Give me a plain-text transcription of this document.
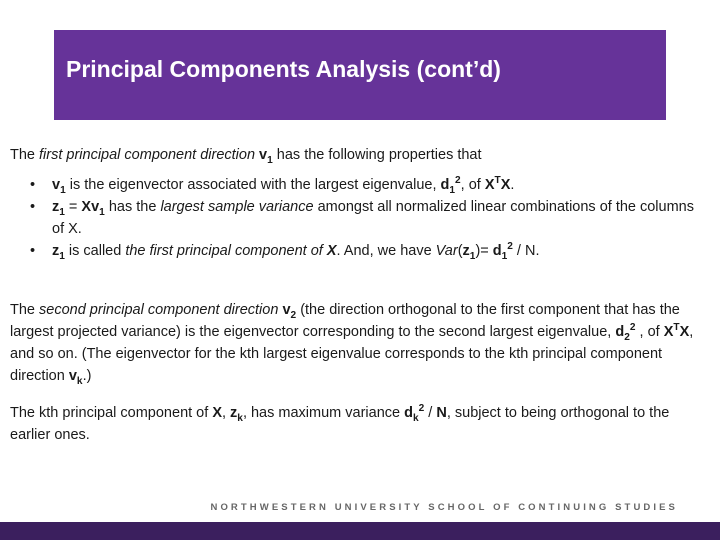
Principal Components Analysis (cont’d)

The first principal component direction $v_1$ has the following properties that

• $v_1$ is the eigenvector associated with the largest eigenvalue, $d_1^2$, of $X^TX$.
• $z_1 = Xv_1$ has the largest sample variance amongst all normalized linear combinations of the columns of X.
• $z_1$ is called the first principal component of X. And, we have $Var(z_1)= d_1^2 / N$.

The second principal component direction $v_2$ (the direction orthogonal to the first component that has the largest projected variance) is the eigenvector corresponding to the second largest eigenvalue, $d_2^2$ , of $X^TX$, and so on. (The eigenvector for the kth largest eigenvalue corresponds to the kth principal component direction $v_k$.)

The kth principal component of X, $z_k$, has maximum variance $d_k^2$ / N, subject to being orthogonal to the earlier ones.

NORTHWESTERN UNIVERSITY SCHOOL OF CONTINUING STUDIES
